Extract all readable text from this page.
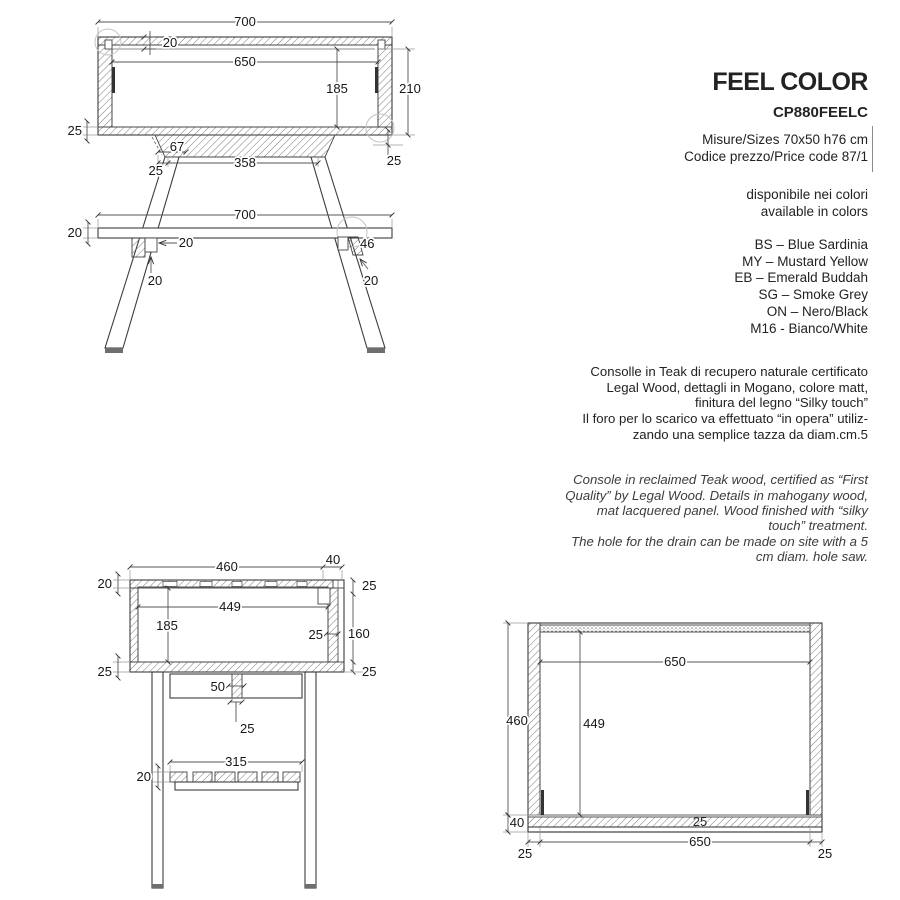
700
20
650
185	210
25
25
67
25
358
700
20
20
20
46
20
460	40
20	25
160
25
449
185
25
25
50
25
315
20
650
449
460
40	25
650
25	25
FEEL COLOR
CP880FEELC
Misure/Sizes 70x50 h76 cm
Codice prezzo/Price code 87/1
disponibile nei colori
available in colors
BS – Blue Sardinia
MY – Mustard Yellow
EB – Emerald Buddah
SG – Smoke Grey
ON – Nero/Black
M16 - Bianco/White
Consolle in Teak di recupero naturale certificato
Legal Wood, dettagli in Mogano, colore matt,
finitura del legno “Silky touch”
Il foro per lo scarico va effettuato “in opera” utiliz-
zando una semplice tazza da diam.cm.5
Console in reclaimed Teak wood, certified as “First
Quality” by Legal Wood. Details in mahogany wood,
mat lacquered panel. Wood finished with “silky
touch” treatment.
The hole for the drain can be made on site with a 5
cm diam. hole saw.
